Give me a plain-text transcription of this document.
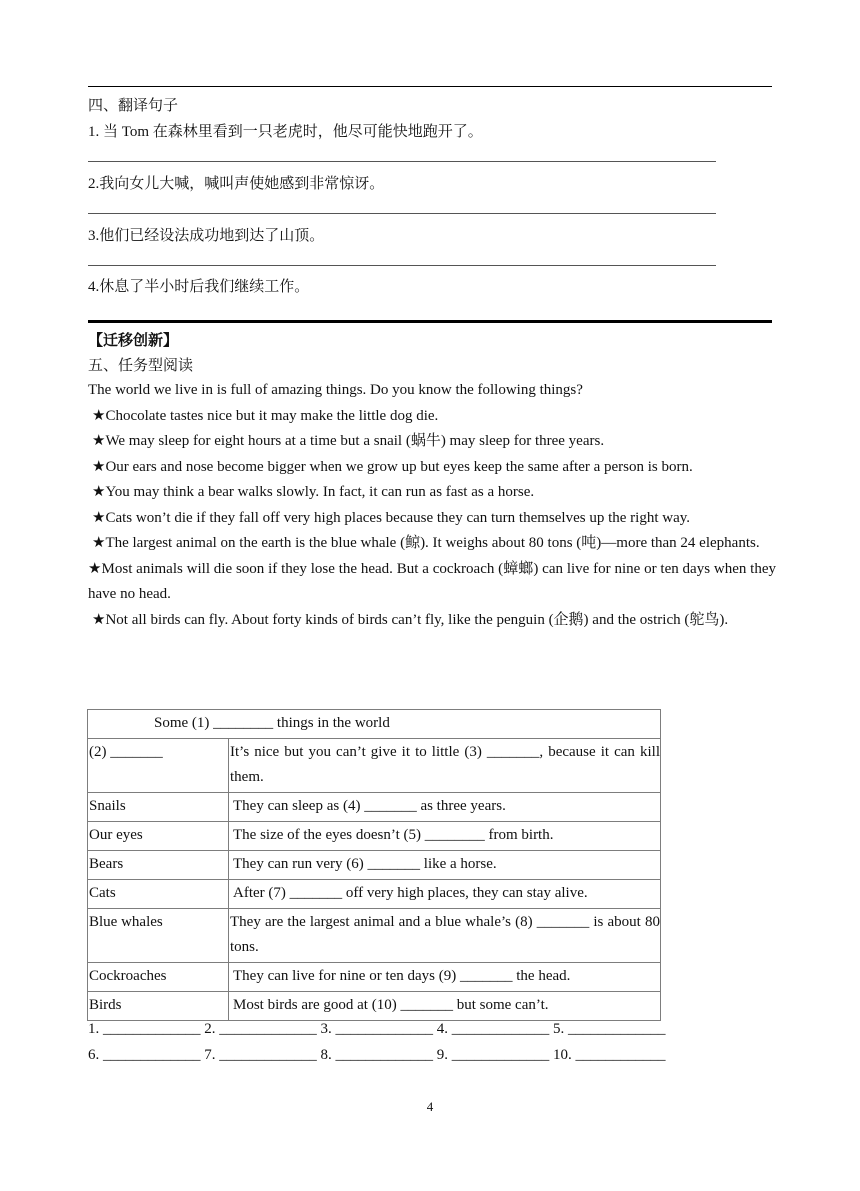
四、翻译句子
1. 当 Tom 在森林里看到一只老虎时，他尽可能快地跑开了。
2.我向女儿大喊，喊叫声使她感到非常惊讶。
3.他们已经设法成功地到达了山顶。
4.休息了半小时后我们继续工作。
【迁移创新】
五、任务型阅读

The world we live in is full of amazing things. Do you know the following things?

★Chocolate tastes nice but it may make the little dog die.

★We may sleep for eight hours at a time but a snail (蜗牛) may sleep for three years.

★Our ears and nose become bigger when we grow up but eyes keep the same after a person is born.

★You may think a bear walks slowly. In fact, it can run as fast as a horse.

★Cats won’t die if they fall off very high places because they can turn themselves up the right way.

★The largest animal on the earth is the blue whale (鲸). It weighs about 80 tons (吨)—more than 24 elephants.

★Most animals will die soon if they lose the head. But a cockroach (蟑螂) can live for nine or ten days when they have no head.

★Not all birds can fly. About forty kinds of birds can’t fly, like the penguin (企鹅) and the ostrich (鸵鸟).

Some (1) ________ things in the world	
(2) _______	It’s nice but you can’t give it to little (3) _______, because it can kill them.
Snails	They can sleep as (4) _______ as three years.
Our eyes	The size of the eyes doesn’t (5) ________ from birth.
Bears	They can run very (6) _______ like a horse.
Cats	After (7) _______ off very high places, they can stay alive.
Blue whales	They are the largest animal and a blue whale’s (8) _______ is about 80 tons.
Cockroaches	They can live for nine or ten days (9) _______ the head.
Birds	Most birds are good at (10) _______ but some can’t.
1. _____________ 2. _____________ 3. _____________ 4. _____________ 5. _____________
6. _____________ 7. _____________ 8. _____________ 9. _____________ 10. ____________
4
